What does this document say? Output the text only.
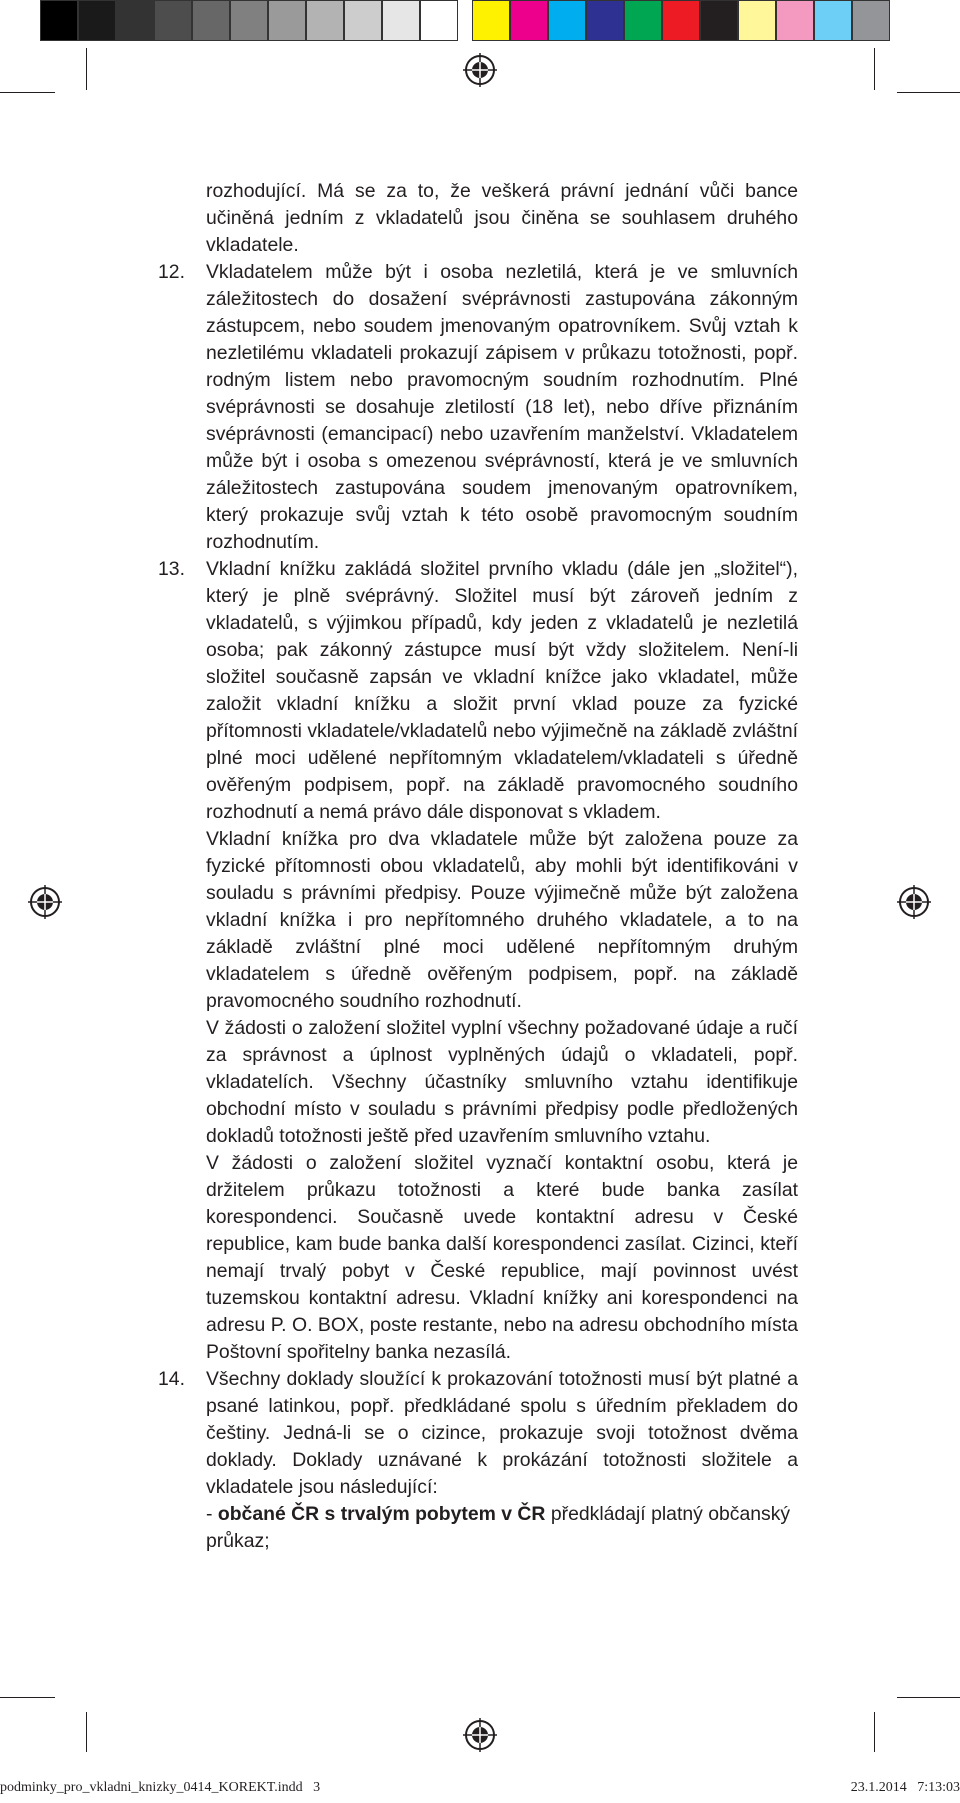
rozhodující. Má se za to, že veškerá právní jednání vůči bance učiněná jedním z vkladatelů jsou činěna se souhlasem druhého vkladatele.

12. Vkladatelem může být i osoba nezletilá, která je ve smluvních záležitostech do dosažení svéprávnosti zastupována zákonným zástupcem, nebo soudem jmenovaným opatrovníkem. Svůj vztah k nezletilému vkladateli prokazují zápisem v průkazu totožnosti, popř. rodným listem nebo pravomocným soudním rozhodnutím. Plné svéprávnosti se dosahuje zletilostí (18 let), nebo dříve přiznáním svéprávnosti (emancipací) nebo uzavřením manželství. Vkladatelem může být i osoba s omezenou svéprávností, která je ve smluvních záležitostech zastupována soudem jmenovaným opatrovníkem, který prokazuje svůj vztah k této osobě pravomocným soudním rozhodnutím.

13. Vkladní knížku zakládá složitel prvního vkladu (dále jen „složitel“), který je plně svéprávný. Složitel musí být zároveň jedním z vkladatelů, s výjimkou případů, kdy jeden z vkladatelů je nezletilá osoba; pak zákonný zástupce musí být vždy složitelem. Není-li složitel současně zapsán ve vkladní knížce jako vkladatel, může založit vkladní knížku a složit první vklad pouze za fyzické přítomnosti vkladatele/vkladatelů nebo výjimečně na základě zvláštní plné moci udělené nepřítomným vkladatelem/vkladateli s úředně ověřeným podpisem, popř. na základě pravomocného soudního rozhodnutí a nemá právo dále disponovat s vkladem.

Vkladní knížka pro dva vkladatele může být založena pouze za fyzické přítomnosti obou vkladatelů, aby mohli být identifikováni v souladu s právními předpisy. Pouze výjimečně může být založena vkladní knížka i pro nepřítomného druhého vkladatele, a to na základě zvláštní plné moci udělené nepřítomným druhým vkladatelem s úředně ověřeným podpisem, popř. na základě pravomocného soudního rozhodnutí.

V žádosti o založení složitel vyplní všechny požadované údaje a ručí za správnost a úplnost vyplněných údajů o vkladateli, popř. vkladatelích. Všechny účastníky smluvního vztahu identifikuje obchodní místo v souladu s právními předpisy podle předložených dokladů totožnosti ještě před uzavřením smluvního vztahu.

V žádosti o založení složitel vyznačí kontaktní osobu, která je držitelem průkazu totožnosti a které bude banka zasílat korespondenci. Současně uvede kontaktní adresu v České republice, kam bude banka další korespondenci zasílat. Cizinci, kteří nemají trvalý pobyt v České republice, mají povinnost uvést tuzemskou kontaktní adresu. Vkladní knížky ani korespondenci na adresu P. O. BOX, poste restante, nebo na adresu obchodního místa Poštovní spořitelny banka nezasílá.

14. Všechny doklady sloužící k prokazování totožnosti musí být platné a psané latinkou, popř. předkládané spolu s úředním překladem do češtiny. Jedná-li se o cizince, prokazuje svoji totožnost dvěma doklady. Doklady uznávané k prokázání totožnosti složitele a vkladatele jsou následující:

- občané ČR s trvalým pobytem v ČR předkládají platný občanský průkaz;

podminky_pro_vkladni_knizky_0414_KOREKT.indd   3	23.1.2014   7:13:03
